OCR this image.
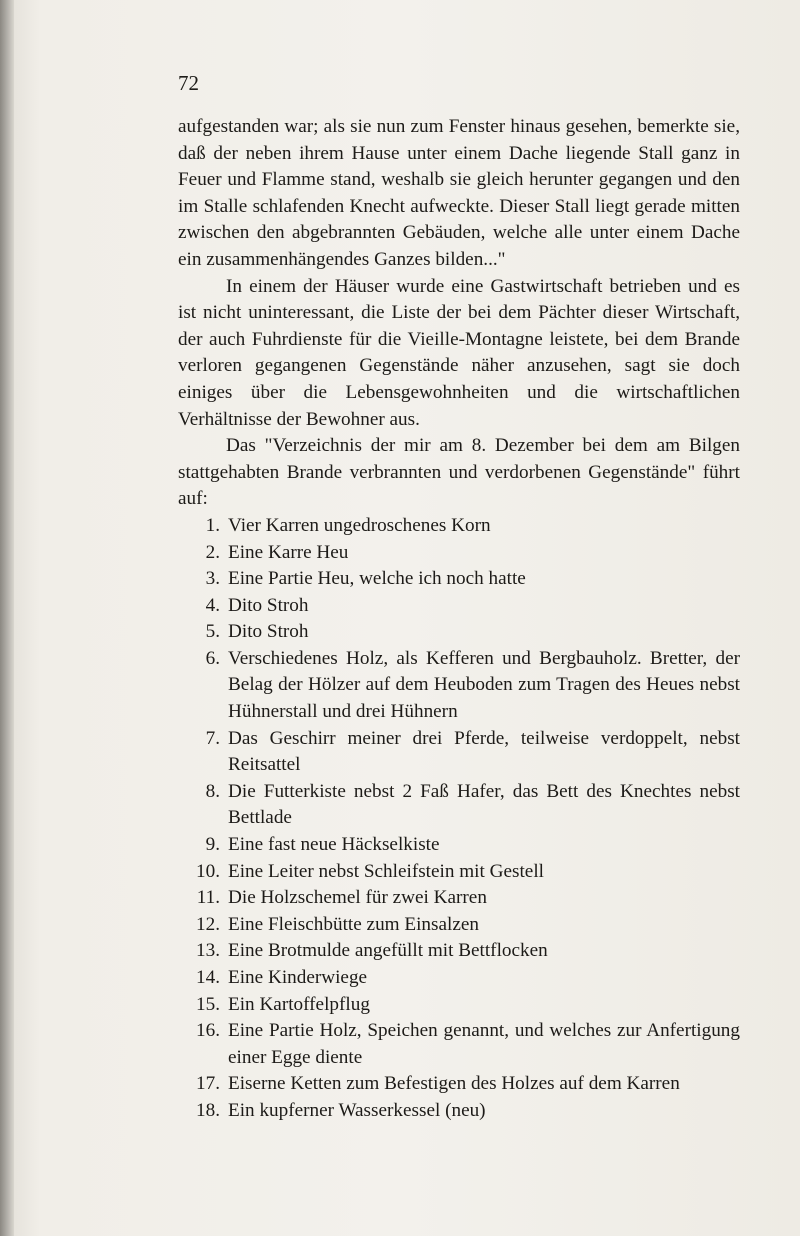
72

aufgestanden war; als sie nun zum Fenster hinaus gesehen, bemerkte sie, daß der neben ihrem Hause unter einem Dache liegende Stall ganz in Feuer und Flamme stand, weshalb sie gleich herunter gegangen und den im Stalle schlafenden Knecht aufweckte. Dieser Stall liegt gerade mitten zwischen den abgebrannten Gebäuden, welche alle unter einem Dache ein zusammenhängendes Ganzes bilden..."

In einem der Häuser wurde eine Gastwirtschaft betrieben und es ist nicht uninteressant, die Liste der bei dem Pächter dieser Wirtschaft, der auch Fuhrdienste für die Vieille-Montagne leistete, bei dem Brande verloren gegangenen Gegenstände näher anzusehen, sagt sie doch einiges über die Lebensgewohnheiten und die wirtschaftlichen Verhältnisse der Bewohner aus.

Das "Verzeichnis der mir am 8. Dezember bei dem am Bilgen stattgehabten Brande verbrannten und verdorbenen Gegenstände" führt auf:

1. Vier Karren ungedroschenes Korn
2. Eine Karre Heu
3. Eine Partie Heu, welche ich noch hatte
4. Dito Stroh
5. Dito Stroh
6. Verschiedenes Holz, als Kefferen und Bergbauholz. Bretter, der Belag der Hölzer auf dem Heuboden zum Tragen des Heues nebst Hühnerstall und drei Hühnern
7. Das Geschirr meiner drei Pferde, teilweise verdoppelt, nebst Reitsattel
8. Die Futterkiste nebst 2 Faß Hafer, das Bett des Knechtes nebst Bettlade
9. Eine fast neue Häckselkiste
10. Eine Leiter nebst Schleifstein mit Gestell
11. Die Holzschemel für zwei Karren
12. Eine Fleischbütte zum Einsalzen
13. Eine Brotmulde angefüllt mit Bettflocken
14. Eine Kinderwiege
15. Ein Kartoffelpflug
16. Eine Partie Holz, Speichen genannt, und welches zur Anfertigung einer Egge diente
17. Eiserne Ketten zum Befestigen des Holzes auf dem Karren
18. Ein kupferner Wasserkessel (neu)
